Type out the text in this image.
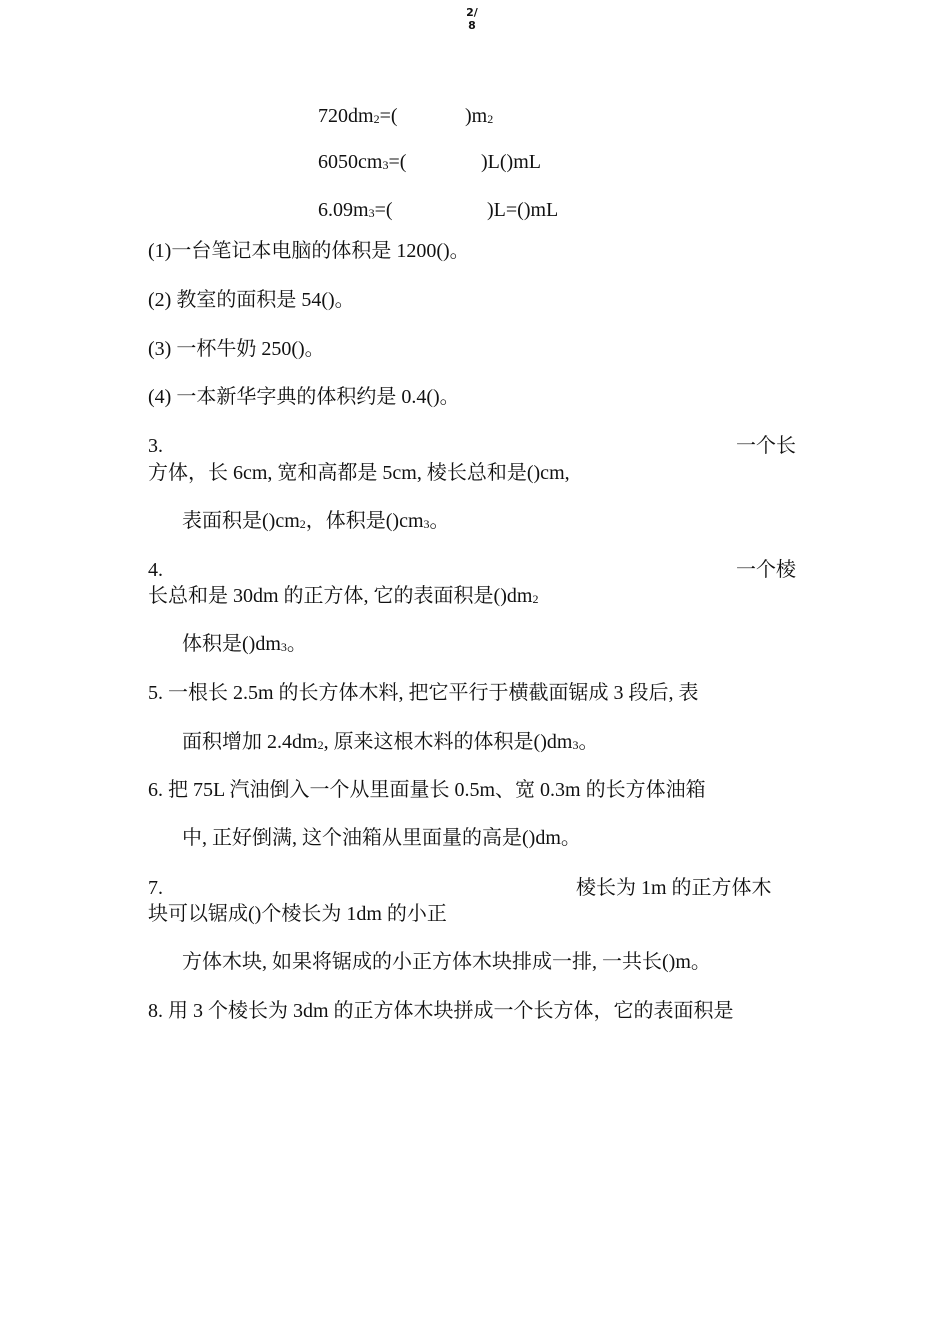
2/
8
$720dm_2=$(	)$m_2$
$6050cm_3=$(	)L()mL
$6.09m_3=$(	)L=()mL
(1)一台笔记本电脑的体积是 1200()。
(2) 教室的面积是 54()。
(3) 一杯牛奶 250()。
(4) 一本新华字典的体积约是 0.4()。
3.	一个长
方体，长 6cm, 宽和高都是 5cm, 棱长总和是()cm,
表面积是$()cm_2$，体积是$()cm_3$。
4.	一个棱
长总和是 30dm 的正方体, 它的表面积是$()dm_2$
体积是$()dm_3$。
5. 一根长 2.5m 的长方体木料, 把它平行于横截面锯成 3 段后, 表
面积增加 $2.4dm_2$, 原来这根木料的体积是$()dm_3$。
6. 把 75L 汽油倒入一个从里面量长 0.5m、宽 0.3m 的长方体油箱
中, 正好倒满, 这个油箱从里面量的高是()dm。
7.	棱长为 1m 的正方体木
块可以锯成()个棱长为 1dm 的小正
方体木块, 如果将锯成的小正方体木块排成一排, 一共长()m。
8. 用 3 个棱长为 3dm 的正方体木块拼成一个长方体，它的表面积是
